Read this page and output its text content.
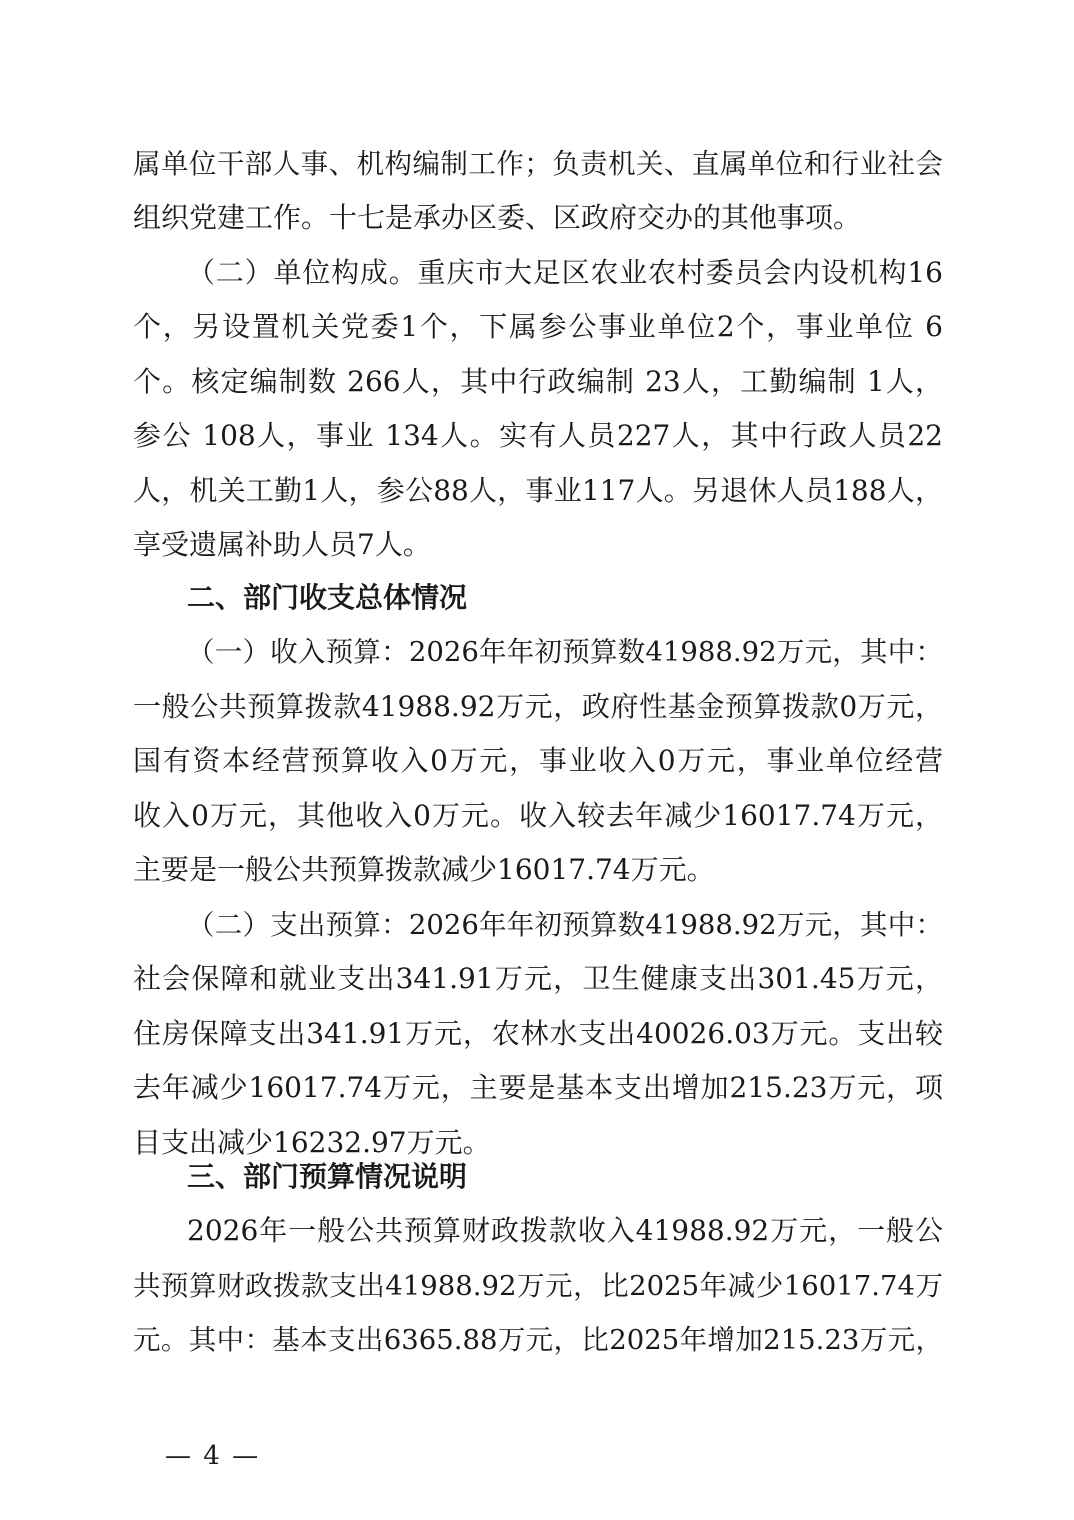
属单位干部人事、机构编制工作；负责机关、直属单位和行业社会
组织党建工作。十七是承办区委、区政府交办的其他事项。
（二）单位构成。重庆市大足区农业农村委员会内设机构16
个，另设置机关党委1个，下属参公事业单位2个，事业单位 6
个。核定编制数 266人，其中行政编制 23人，工勤编制 1人，
参公 108人，事业 134人。实有人员227人，其中行政人员22
人，机关工勤1人，参公88人，事业117人。另退休人员188人，
享受遗属补助人员7人。
二、部门收支总体情况
（一）收入预算：2026年年初预算数41988.92万元，其中：
一般公共预算拨款41988.92万元，政府性基金预算拨款0万元，
国有资本经营预算收入0万元，事业收入0万元，事业单位经营
收入0万元，其他收入0万元。收入较去年减少16017.74万元，
主要是一般公共预算拨款减少16017.74万元。
（二）支出预算：2026年年初预算数41988.92万元，其中：
社会保障和就业支出341.91万元，卫生健康支出301.45万元，
住房保障支出341.91万元，农林水支出40026.03万元。支出较
去年减少16017.74万元，主要是基本支出增加215.23万元，项
目支出减少16232.97万元。
三、部门预算情况说明
2026年一般公共预算财政拨款收入41988.92万元，一般公
共预算财政拨款支出41988.92万元，比2025年减少16017.74万
元。其中：基本支出6365.88万元，比2025年增加215.23万元，
— 4 —
